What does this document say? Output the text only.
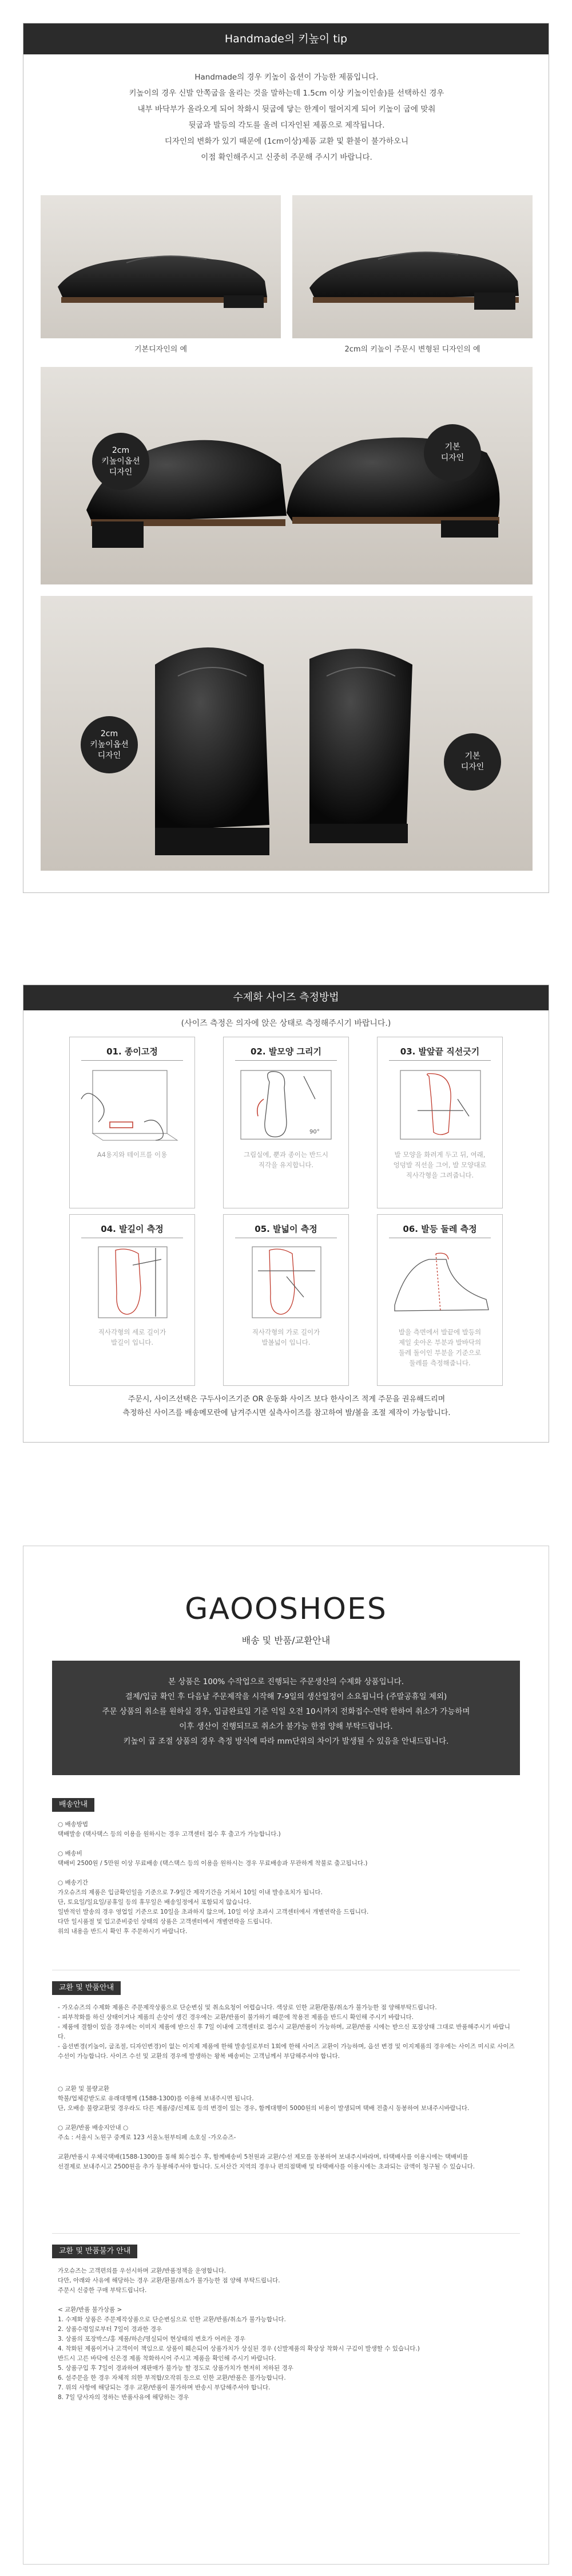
Handmade의 키높이 tip

Handmade의 경우 키높이 옵션이 가능한 제품입니다.

키높이의 경우 신발 안쪽굽을 올리는 것을 말하는데 1.5cm 이상 키높이인솔)를 선택하신 경우

내부 바닥부가 올라오게 되어 착화시 뒷굽에 닿는 한계이 떨어지게 되어 키높이 굽에 맞춰

뒷굽과 발등의 각도를 올려 디자인된 제품으로 제작됩니다.

디자인의 변화가 있기 때문에 (1cm이상)제품 교환 및 환불이 불가하오니

이점 확인해주시고 신중히 주문해 주시기 바랍니다.

기본디자인의 예	2cm의 키높이 주문시 변형된 디자인의 예
2cm
키높이옵션
디자인
기본
디자인
2cm
키높이옵션
디자인	기본
디자인
수제화 사이즈 측정방법
(사이즈 측정은 의자에 앉은 상태로 측정해주시기 바랍니다.)
01. 종이고정
A4용지와 테이프를 이용
02. 발모양 그리기
90°
그림실에, 뿐과 종이는 반드시
직각을 유지합니다.
03. 발앞끝 직선긋기
발 모양을 화려게 두고 뒤, 여래,
엉덩발 직선을 그어, 발 모양대로
직사각형을 그려줍니다.
04. 발길이 측정
직사각형의 세로 길이가
발길이 입니다.
05. 발넓이 측정
직사각형의 가로 길이가
발볼넓이 입니다.
06. 발등 둘레 측정
발을 측면에서 발끝에 발등의
제일 솟아온 부분과 발바닥의
둘레 돌이인 부분을 기준으로
둘레를 측정해줍니다.
주문시, 사이즈선택은 구두사이즈기준 OR 운동화 사이즈 보다 한사이즈 적게 주문을 권유해드리며
측정하신 사이즈를 배송메모란에 남겨주시면 실측사이즈를 참고하여 발/볼을 조절 제작이 가능합니다.
GAOOSHOES
배송 및 반품/교환안내

본 상품은 100% 수작업으로 진행되는 주문생산의 수제화 상품입니다.

결제/입금 확인 후 다음날 주문제작을 시작해 7-9일의 생산일정이 소요됩니다 (주말공휴일 제외)

주문 상품의 취소를 원하실 경우, 입금완료일 기준 익일 오전 10시까지 전화접수-연락 한하여 취소가 가능하며

이후 생산이 진행되므로 취소가 불가능 한점 양해 부탁드립니다.

키높이 굽 조절 상품의 경우 측정 방식에 따라 mm단위의 차이가 발생될 수 있음을 안내드립니다.

배송안내
○ 배송방법
택배발송 (택사택스 등의 이용을 원하시는 경우 고객센터 접수 후 출고가 가능합니다.)

○ 배송비
택배비 2500원 / 5만원 이상 무료배송 (택스택스 등의 이용을 원하시는 경우 무료배송과 무관하게 착불로 출고됩니다.)

○ 배송기간
가오슈즈의 제품은 입금확인일을 기준으로 7-9일간 제작기간을 거쳐서 10일 이내 발송조치가 됩니다.
단, 토요일/일요일/공휴일 등의 휴무일은 배송일정에서 포함되지 않습니다.
일반적인 발송의 경우 영업일 기준으로 10일을 초과하지 않으며, 10일 이상 초과시 고객센터에서 개별연락을 드립니다.
다만 일시품절 및 입고준비중인 상태의 상품은 고객센터에서 개별연락을 드립니다.
위의 내용을 반드시 확인 후 주문하시기 바랍니다.
교환 및 반품안내
- 가오슈즈의 수제화 제품은 주문제작상품으로 단순변심 및 취소요청이 어렵습니다. 색상로 인한 교환/환불/취소가 불가능한 점 양해부탁드립니다.
- 피부착화를 하신 상태이거나 제품의 손상이 생긴 경우에는 교환/반품이 불가하기 때문에 착용전 제품을 반드시 확인해 주시기 바랍니다.
- 제품에 결함이 있을 경우에는 이미지 제품에 받으신 후 7일 이내에 고객센터로 접수시 교환/반품이 가능하며, 교환/반품 시에는 받으신 포장상태 그대로 반품해주시기 바랍니다.
- 옵션변경(키높이, 굽조절, 디자인변경)이 없는 이지제 제품에 한해 발송일로부터 1회에 한해 사이즈 교환이 가능하며, 옵션 변경 및 이지제품의 경우에는 사이즈 미시로 사이즈 수선이 가능합니다. 사이즈 수선 및 교환의 경우에 발생하는 왕복 배송비는 고객님께서 부담해주셔야 합니다.
○ 교환 및 불량교환
학불/업체같받도로 유래대행께 (1588-1300)를 이용해 보내주시면 됩니다.
단, 오배송 불량교환및 경우라도 다른 제품/중/신제포 등의 변경이 있는 경우, 함께대행이 5000원의 비용이 발생되며 택배 전출시 동봉하여 보내주시바랍니다.

○ 교환/반품 배송지안내 ○
주소 : 서울시 노원구 중계로 123 서울노원부티페 소호실 -가오슈즈-

교환/반품시 우체국택배(1588-1300)를 통해 회수접수 후, 함께배송비 5천원과 교환/수선 제모를 동봉하여 보내주시바라며, 타택배사를 이용시에는 택배비를
선결제로 보내주시고 2500원을 추가 동봉해주셔야 합니다. 도서산간 지역의 경우나 편의점택배 및 타택배사를 이용시에는 초과되는 금액이 청구될 수 있습니다.
교환 및 반품불가 안내
가오슈즈는 고객편의를 우선시하며 교환/반품정책을 운영합니다.
다만, 아래와 사유에 해당하는 경우 교환/환불/취소가 불가능한 점 양해 부탁드립니다.
주문시 신중한 구매 부탁드립니다.

< 교환/반품 불가상품 >
1. 수제화 상품은 주문제작상품으로 단순변심으로 인한 교환/반품/취소가 불가능합니다.
2. 상품수령일로부터 7일이 경과한 경우
3. 상품의 포장박스/홍 제품/하손/명실되어 현상태의 변호가 어려운 경우
4. 착화된 제품이거나 고객이이 책임으로 상품이 훼손되어 상품가치가 상실된 경우 (신발제품의 확상상 착화시 구김이 발생할 수 있습니다.)
반드시 고른 바닥에 신은경 제품 착화하시어 주시고 제품을 확인해 주시기 바랍니다.
5. 상품구입 후 7일이 경과하여 재판매가 불가능 할 정도로 상품가치가 현저히 저하된 경우
6. 설주문을 한 경우 자체적 의한 부적합/오작위 등으로 인한 교환/반품은 불가능합니다.
7. 위의 사항에 해당되는 경우 교환/반품이 불가하며 반송시 부담해주셔야 합니다.
8. 7일 당사자의 정하는 반품사유에 해당하는 경우
